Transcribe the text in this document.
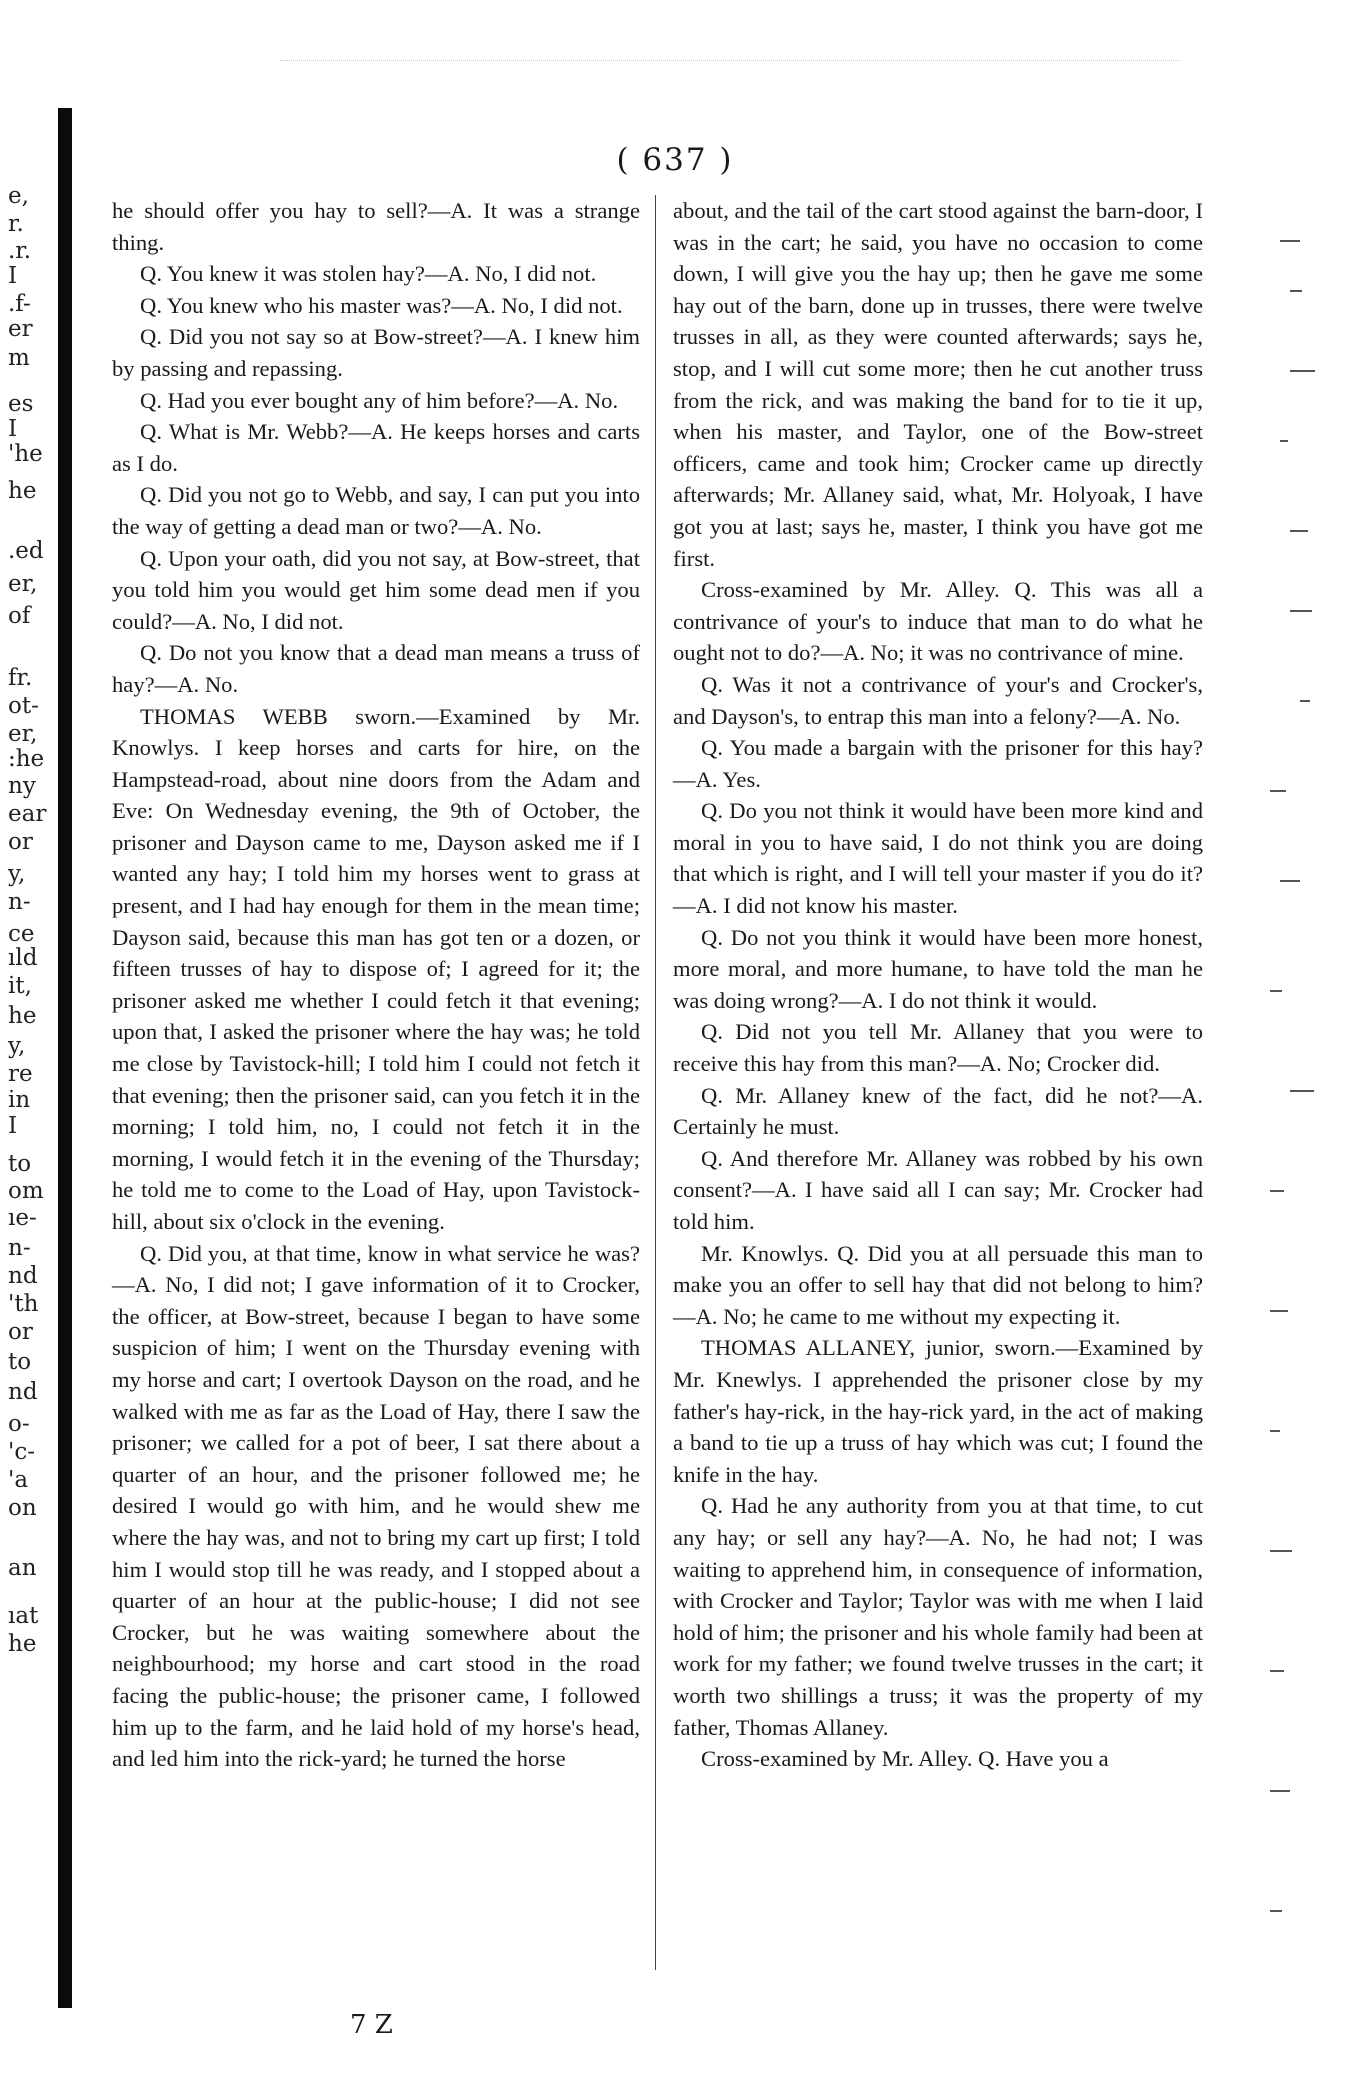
e,
r.
.r.
I
.f-
er
m
es
I
'he
he
.ed
er,
of
fr.
ot-
er,
:he
ny
ear
or
y,
n-
ce
ıld
it,
he
y,
re
in
I
to
om
ıe-
n-
nd
'th
or
to
nd
o-
'c-
'a
on
an
ıat
he
( 637 )

he should offer you hay to sell?—A. It was a strange thing.

Q. You knew it was stolen hay?—A. No, I did not.

Q. You knew who his master was?—A. No, I did not.

Q. Did you not say so at Bow-street?—A. I knew him by passing and repassing.

Q. Had you ever bought any of him before?—A. No.

Q. What is Mr. Webb?—A. He keeps horses and carts as I do.

Q. Did you not go to Webb, and say, I can put you into the way of getting a dead man or two?—A. No.

Q. Upon your oath, did you not say, at Bow-street, that you told him you would get him some dead men if you could?—A. No, I did not.

Q. Do not you know that a dead man means a truss of hay?—A. No.

THOMAS WEBB sworn.—Examined by Mr. Knowlys. I keep horses and carts for hire, on the Hampstead-road, about nine doors from the Adam and Eve: On Wednesday evening, the 9th of October, the prisoner and Dayson came to me, Dayson asked me if I wanted any hay; I told him my horses went to grass at present, and I had hay enough for them in the mean time; Dayson said, because this man has got ten or a dozen, or fifteen trusses of hay to dispose of; I agreed for it; the prisoner asked me whether I could fetch it that evening; upon that, I asked the prisoner where the hay was; he told me close by Tavistock-hill; I told him I could not fetch it that evening; then the prisoner said, can you fetch it in the morning; I told him, no, I could not fetch it in the morning, I would fetch it in the evening of the Thursday; he told me to come to the Load of Hay, upon Tavistock-hill, about six o'clock in the evening.

Q. Did you, at that time, know in what service he was?—A. No, I did not; I gave information of it to Crocker, the officer, at Bow-street, because I began to have some suspicion of him; I went on the Thursday evening with my horse and cart; I overtook Dayson on the road, and he walked with me as far as the Load of Hay, there I saw the prisoner; we called for a pot of beer, I sat there about a quarter of an hour, and the prisoner followed me; he desired I would go with him, and he would shew me where the hay was, and not to bring my cart up first; I told him I would stop till he was ready, and I stopped about a quarter of an hour at the public-house; I did not see Crocker, but he was waiting somewhere about the neighbourhood; my horse and cart stood in the road facing the public-house; the prisoner came, I followed him up to the farm, and he laid hold of my horse's head, and led him into the rick-yard; he turned the horse

about, and the tail of the cart stood against the barn-door, I was in the cart; he said, you have no occasion to come down, I will give you the hay up; then he gave me some hay out of the barn, done up in trusses, there were twelve trusses in all, as they were counted afterwards; says he, stop, and I will cut some more; then he cut another truss from the rick, and was making the band for to tie it up, when his master, and Taylor, one of the Bow-street officers, came and took him; Crocker came up directly afterwards; Mr. Allaney said, what, Mr. Holyoak, I have got you at last; says he, master, I think you have got me first.

Cross-examined by Mr. Alley. Q. This was all a contrivance of your's to induce that man to do what he ought not to do?—A. No; it was no contrivance of mine.

Q. Was it not a contrivance of your's and Crocker's, and Dayson's, to entrap this man into a felony?—A. No.

Q. You made a bargain with the prisoner for this hay?—A. Yes.

Q. Do you not think it would have been more kind and moral in you to have said, I do not think you are doing that which is right, and I will tell your master if you do it?—A. I did not know his master.

Q. Do not you think it would have been more honest, more moral, and more humane, to have told the man he was doing wrong?—A. I do not think it would.

Q. Did not you tell Mr. Allaney that you were to receive this hay from this man?—A. No; Crocker did.

Q. Mr. Allaney knew of the fact, did he not?—A. Certainly he must.

Q. And therefore Mr. Allaney was robbed by his own consent?—A. I have said all I can say; Mr. Crocker had told him.

Mr. Knowlys. Q. Did you at all persuade this man to make you an offer to sell hay that did not belong to him?—A. No; he came to me without my expecting it.

THOMAS ALLANEY, junior, sworn.—Examined by Mr. Knewlys. I apprehended the prisoner close by my father's hay-rick, in the hay-rick yard, in the act of making a band to tie up a truss of hay which was cut; I found the knife in the hay.

Q. Had he any authority from you at that time, to cut any hay; or sell any hay?—A. No, he had not; I was waiting to apprehend him, in consequence of information, with Crocker and Taylor; Taylor was with me when I laid hold of him; the prisoner and his whole family had been at work for my father; we found twelve trusses in the cart; it worth two shillings a truss; it was the property of my father, Thomas Allaney.

Cross-examined by Mr. Alley. Q. Have you a

7 Z
